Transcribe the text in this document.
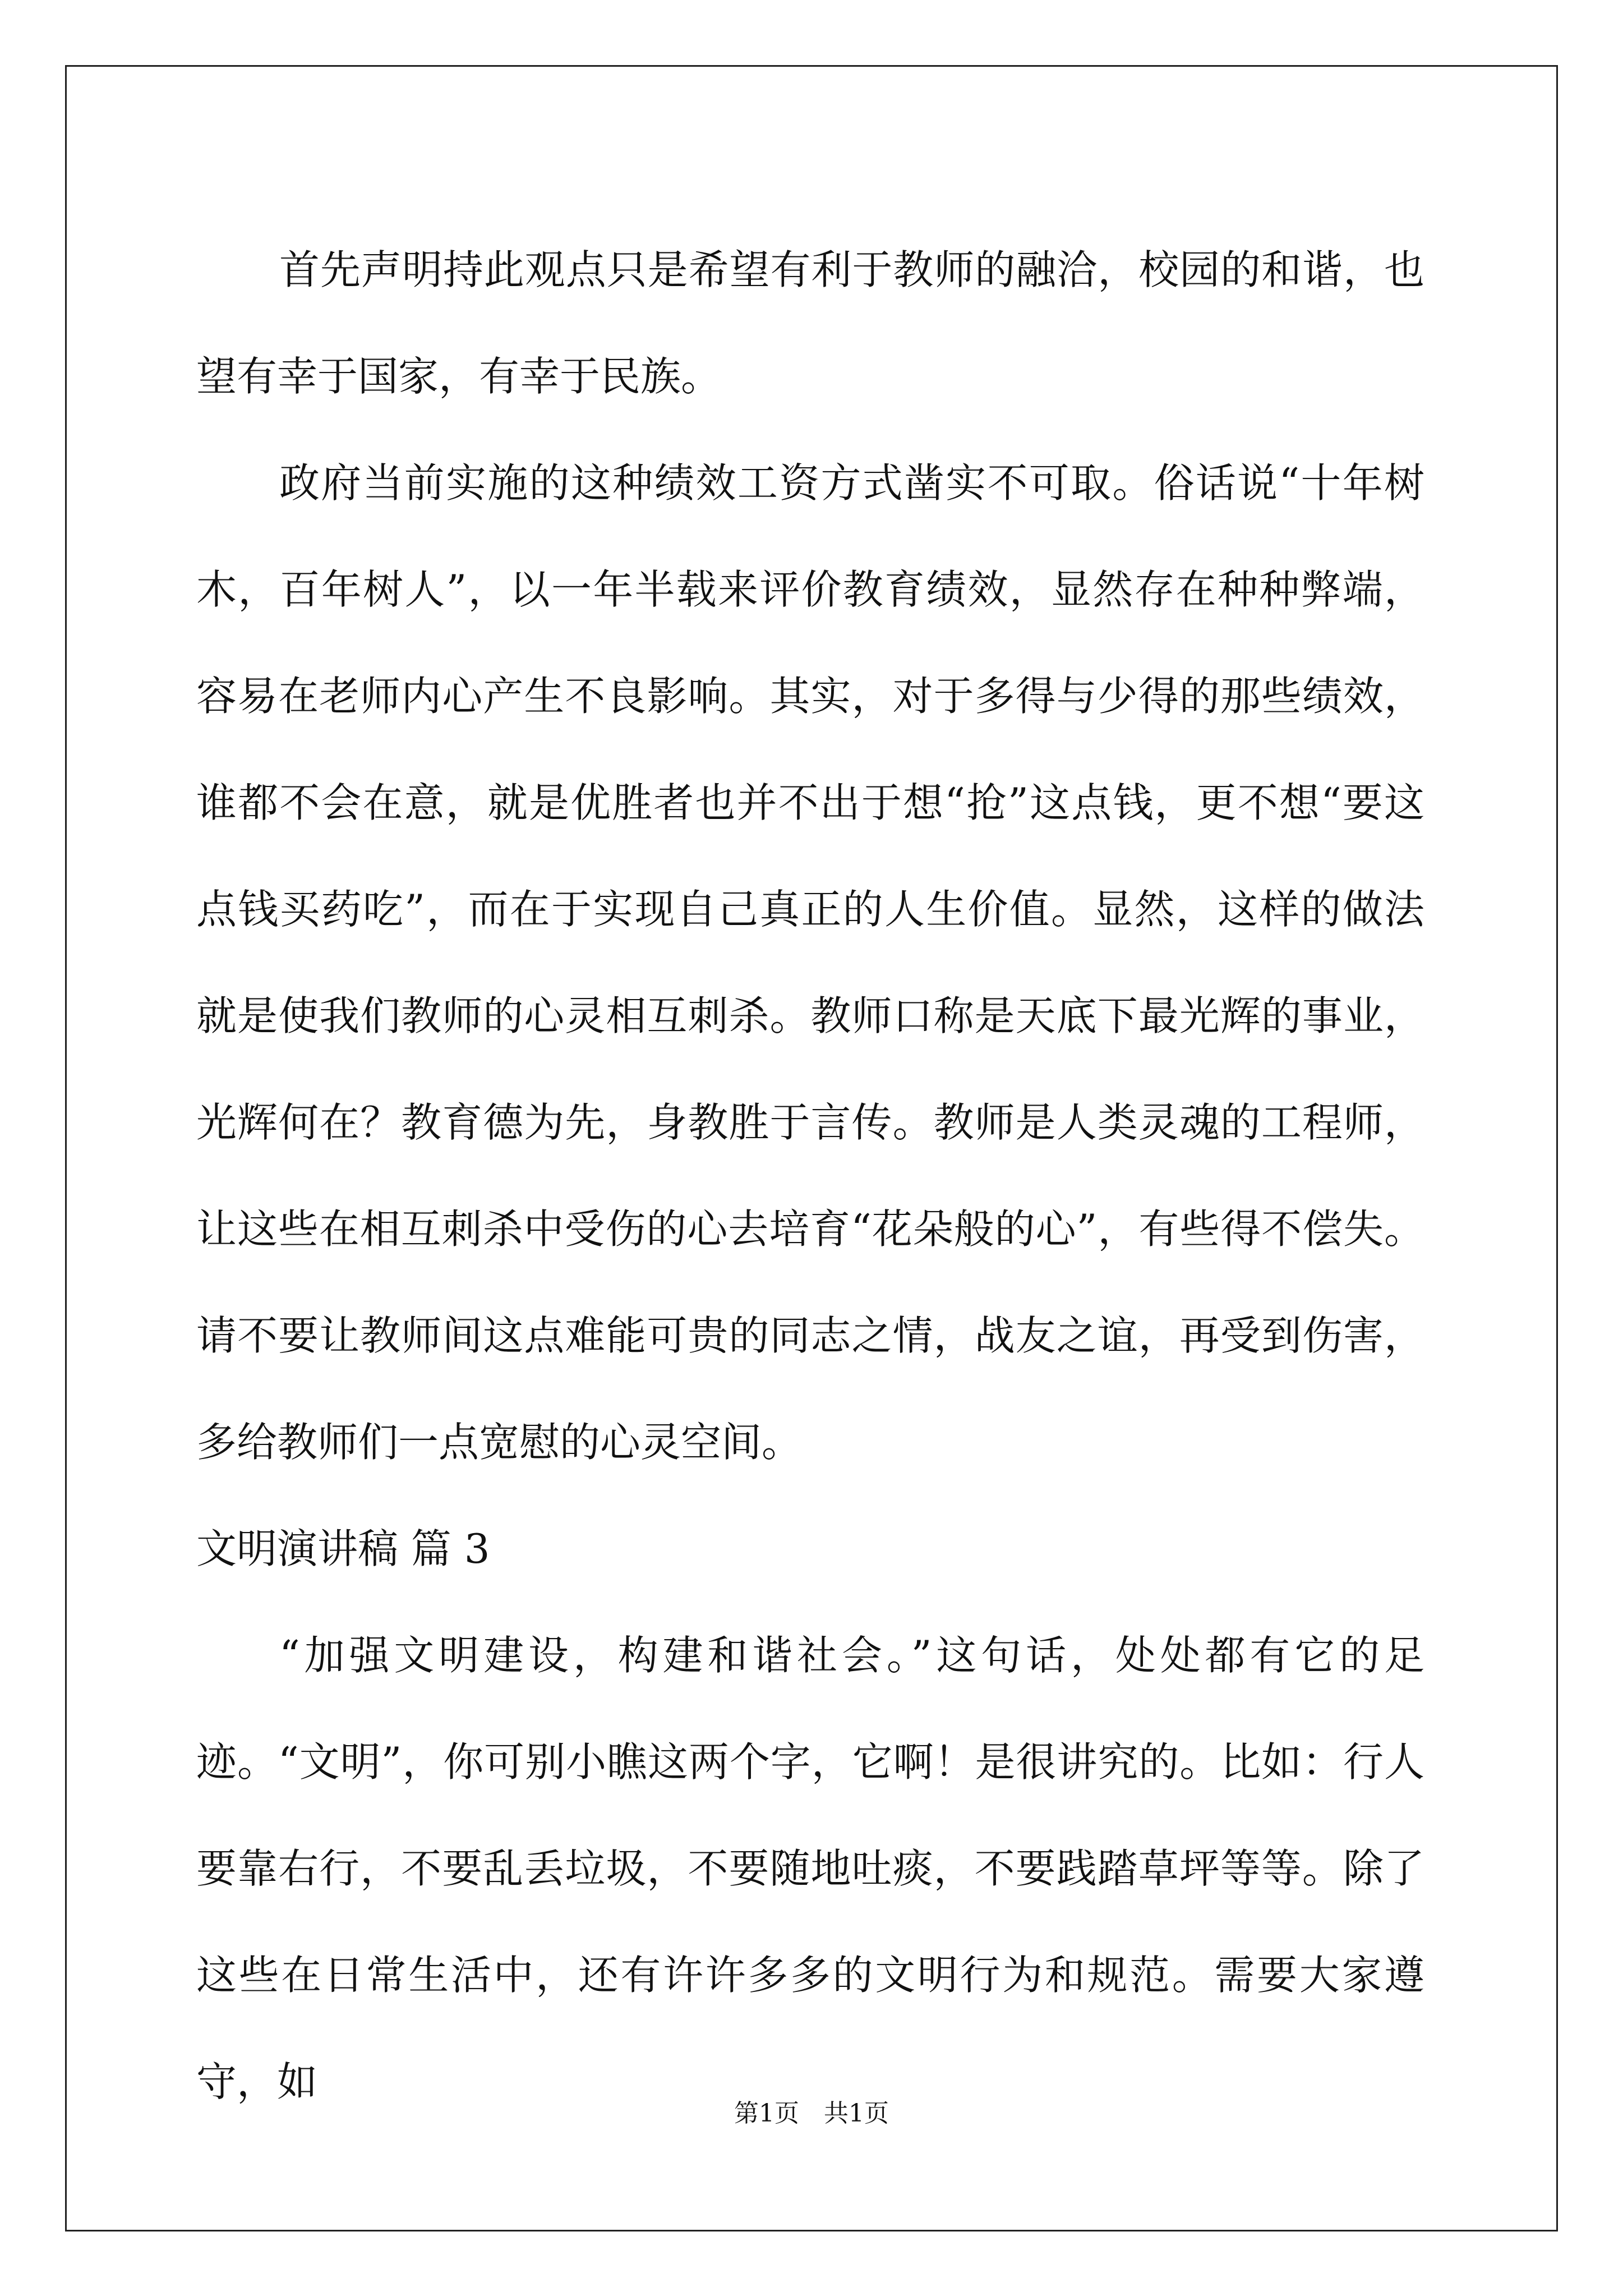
首先声明持此观点只是希望有利于教师的融洽，校园的和谐，也望有幸于国家，有幸于民族。

政府当前实施的这种绩效工资方式凿实不可取。俗话说“十年树木，百年树人”，以一年半载来评价教育绩效，显然存在种种弊端，容易在老师内心产生不良影响。其实，对于多得与少得的那些绩效，谁都不会在意，就是优胜者也并不出于想“抢”这点钱，更不想“要这点钱买药吃”，而在于实现自己真正的人生价值。显然，这样的做法就是使我们教师的心灵相互刺杀。教师口称是天底下最光辉的事业，光辉何在？教育德为先，身教胜于言传。教师是人类灵魂的工程师，让这些在相互刺杀中受伤的心去培育“花朵般的心”，有些得不偿失。请不要让教师间这点难能可贵的同志之情，战友之谊，再受到伤害，多给教师们一点宽慰的心灵空间。

文明演讲稿 篇 3

“加强文明建设，构建和谐社会。”这句话，处处都有它的足迹。“文明”，你可别小瞧这两个字，它啊！是很讲究的。比如：行人要靠右行，不要乱丢垃圾，不要随地吐痰，不要践踏草坪等等。除了这些在日常生活中，还有许许多多的文明行为和规范。需要大家遵守，如

第1页　共1页
